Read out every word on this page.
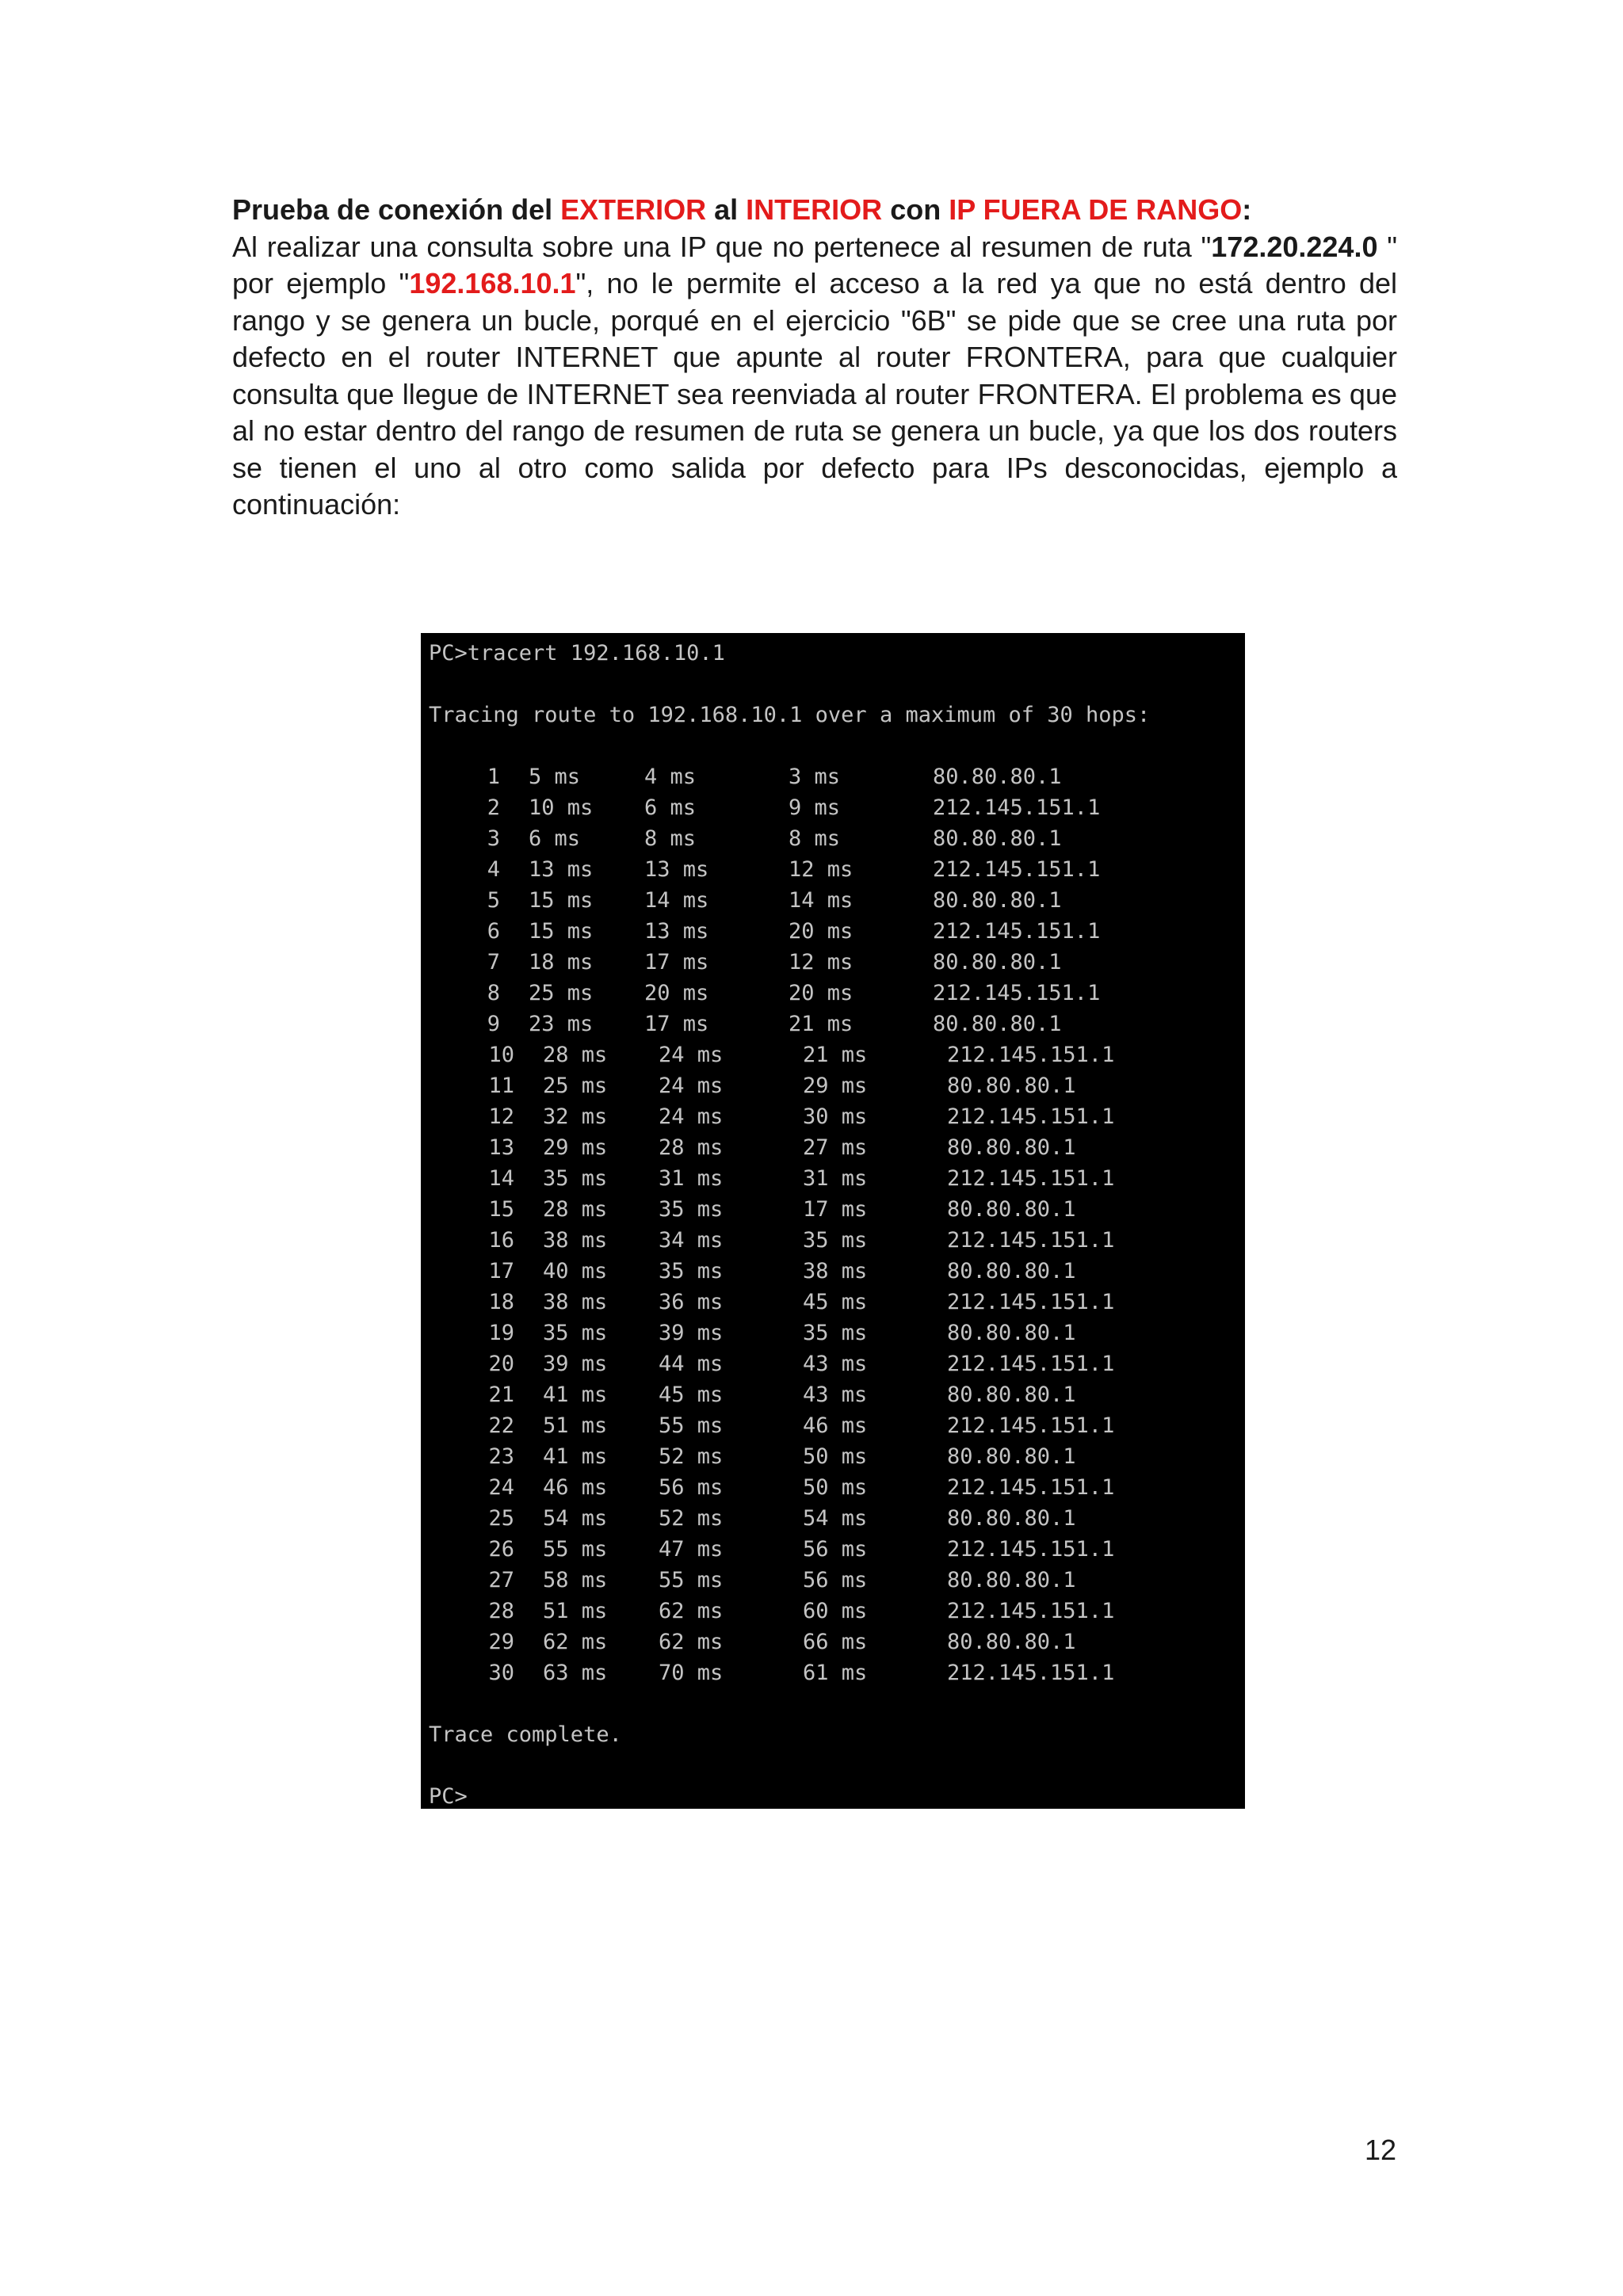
Prueba de conexión del EXTERIOR al INTERIOR con IP FUERA DE RANGO:
Al realizar una consulta sobre una IP que no pertenece al resumen de ruta "172.20.224.0 " por ejemplo "192.168.10.1", no le permite el acceso a la red ya que no está dentro del rango y se genera un bucle, porqué en el ejercicio "6B" se pide que se cree una ruta por defecto en el router INTERNET que apunte al router FRONTERA, para que cualquier consulta que llegue de INTERNET sea reenviada al router FRONTERA. El problema es que al no estar dentro del rango de resumen de ruta se genera un bucle, ya que los dos routers se tienen el uno al otro como salida por defecto para IPs desconocidas, ejemplo a continuación:
PC>tracert 192.168.10.1
Tracing route to 192.168.10.1 over a maximum of 30 hops:
1	5 ms	4 ms	3 ms	80.80.80.1
2	10 ms	6 ms	9 ms	212.145.151.1
3	6 ms	8 ms	8 ms	80.80.80.1
4	13 ms	13 ms	12 ms	212.145.151.1
5	15 ms	14 ms	14 ms	80.80.80.1
6	15 ms	13 ms	20 ms	212.145.151.1
7	18 ms	17 ms	12 ms	80.80.80.1
8	25 ms	20 ms	20 ms	212.145.151.1
9	23 ms	17 ms	21 ms	80.80.80.1
10	28 ms	24 ms	21 ms	212.145.151.1
11	25 ms	24 ms	29 ms	80.80.80.1
12	32 ms	24 ms	30 ms	212.145.151.1
13	29 ms	28 ms	27 ms	80.80.80.1
14	35 ms	31 ms	31 ms	212.145.151.1
15	28 ms	35 ms	17 ms	80.80.80.1
16	38 ms	34 ms	35 ms	212.145.151.1
17	40 ms	35 ms	38 ms	80.80.80.1
18	38 ms	36 ms	45 ms	212.145.151.1
19	35 ms	39 ms	35 ms	80.80.80.1
20	39 ms	44 ms	43 ms	212.145.151.1
21	41 ms	45 ms	43 ms	80.80.80.1
22	51 ms	55 ms	46 ms	212.145.151.1
23	41 ms	52 ms	50 ms	80.80.80.1
24	46 ms	56 ms	50 ms	212.145.151.1
25	54 ms	52 ms	54 ms	80.80.80.1
26	55 ms	47 ms	56 ms	212.145.151.1
27	58 ms	55 ms	56 ms	80.80.80.1
28	51 ms	62 ms	60 ms	212.145.151.1
29	62 ms	62 ms	66 ms	80.80.80.1
30	63 ms	70 ms	61 ms	212.145.151.1
Trace complete.
PC>
12
